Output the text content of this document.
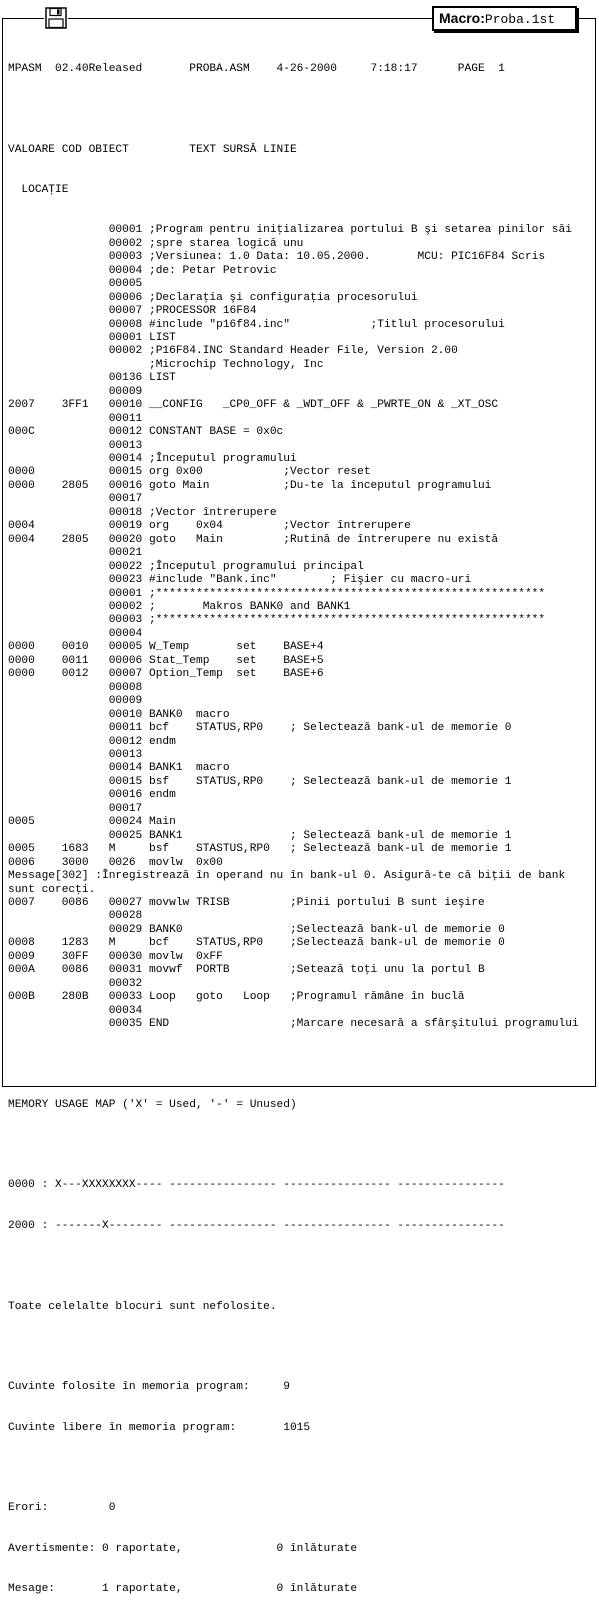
Macro:Proba.1st

MPASM  02.40Released       PROBA.ASM    4-26-2000     7:18:17      PAGE  1

VALOARE COD OBIECT         TEXT SURSĂ LINIE

LOCAŢIE

00001 ;Program pentru iniţializarea portului B şi setarea pinilor săi
00002 ;spre starea logică unu
00003 ;Versiunea: 1.0 Data: 10.05.2000.       MCU: PIC16F84 Scris
00004 ;de: Petar Petrovic
00005
00006 ;Declaraţia şi configuraţia procesorului
00007 ;PROCESSOR 16F84
00008 #include "p16f84.inc"            ;Titlul procesorului
00001 LIST
00002 ;P16F84.INC Standard Header File, Version 2.00
;Microchip Technology, Inc
00136 LIST
00009
2007    3FF1   00010 __CONFIG   _CP0_OFF & _WDT_OFF & _PWRTE_ON & _XT_OSC
00011
000C           00012 CONSTANT BASE = 0x0c
00013
00014 ;Începutul programului
0000           00015 org 0x00            ;Vector reset
0000    2805   00016 goto Main           ;Du-te la începutul programului
00017
00018 ;Vector întrerupere
0004           00019 org    0x04         ;Vector întrerupere
0004    2805   00020 goto   Main         ;Rutină de întrerupere nu există
00021
00022 ;Începutul programului principal
00023 #include "Bank.inc"        ; Fişier cu macro-uri
00001 ;**********************************************************
00002 ;       Makros BANK0 and BANK1
00003 ;**********************************************************
00004
0000    0010   00005 W_Temp       set    BASE+4
0000    0011   00006 Stat_Temp    set    BASE+5
0000    0012   00007 Option_Temp  set    BASE+6
00008
00009
00010 BANK0  macro
00011 bcf    STATUS,RP0    ; Selectează bank-ul de memorie 0
00012 endm
00013
00014 BANK1  macro
00015 bsf    STATUS,RP0    ; Selectează bank-ul de memorie 1
00016 endm
00017
0005           00024 Main
00025 BANK1                ; Selectează bank-ul de memorie 1
0005    1683   M     bsf    STASTUS,RP0   ; Selectează bank-ul de memorie 1
0006    3000   0026  movlw  0x00
Message[302] :Înregistrează în operand nu în bank-ul 0. Asigură-te că biţii de bank
sunt corecţi.
0007    0086   00027 movwlw TRISB         ;Pinii portului B sunt ieşire
00028
00029 BANK0                ;Selectează bank-ul de memorie 0
0008    1283   M     bcf    STATUS,RP0    ;Selectează bank-ul de memorie 0
0009    30FF   00030 movlw  0xFF
000A    0086   00031 movwf  PORTB         ;Setează toţi unu la portul B
00032
000B    280B   00033 Loop   goto   Loop   ;Programul rămâne în buclă
00034
00035 END                  ;Marcare necesară a sfârşitului programului

MEMORY USAGE MAP ('X' = Used, '-' = Unused)

0000 : X---XXXXXXXX---- ---------------- ---------------- ----------------

2000 : -------X-------- ---------------- ---------------- ----------------

Toate celelalte blocuri sunt nefolosite.

Cuvinte folosite în memoria program:     9

Cuvinte libere în memoria program:       1015

Erori:         0

Avertismente: 0 raportate,              0 înlăturate

Mesage:       1 raportate,              0 înlăturate
